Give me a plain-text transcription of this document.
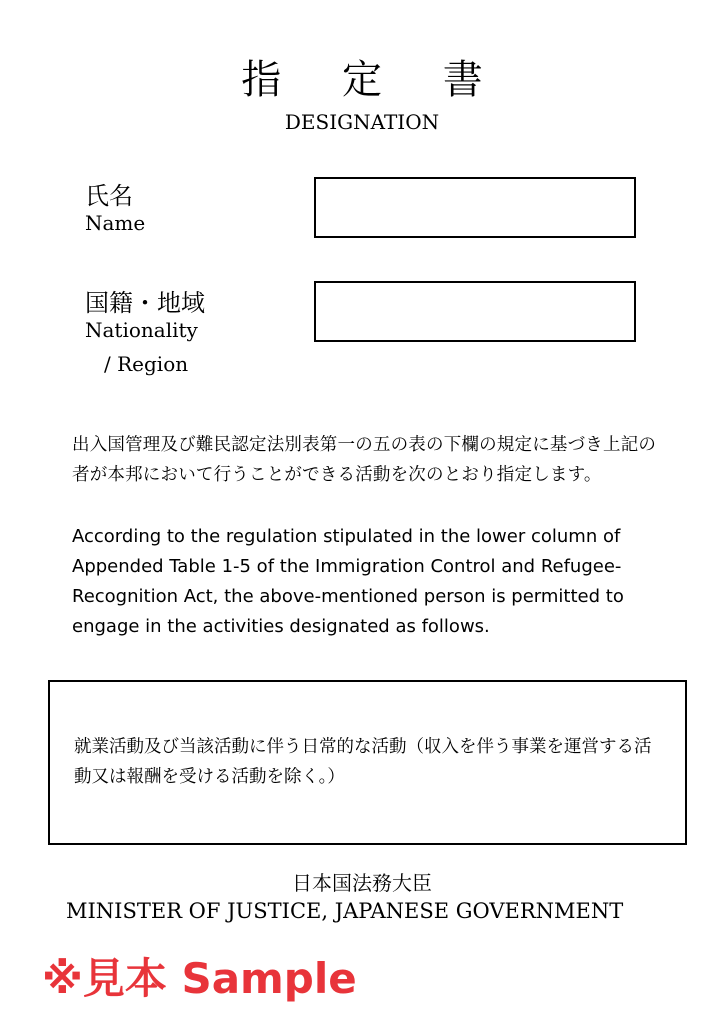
指 定 書
DESIGNATION
氏名
Name
国籍・地域
Nationality
/ Region
出入国管理及び難民認定法別表第一の五の表の下欄の規定に基づき上記の者が本邦において行うことができる活動を次のとおり指定します。
According to the regulation stipulated in the lower column of Appended Table 1-5 of the Immigration Control and Refugee-Recognition Act, the above-mentioned person is permitted to engage in the activities designated as follows.
就業活動及び当該活動に伴う日常的な活動（収入を伴う事業を運営する活動又は報酬を受ける活動を除く。）
日本国法務大臣
MINISTER OF JUSTICE, JAPANESE GOVERNMENT
※見本 Sample
